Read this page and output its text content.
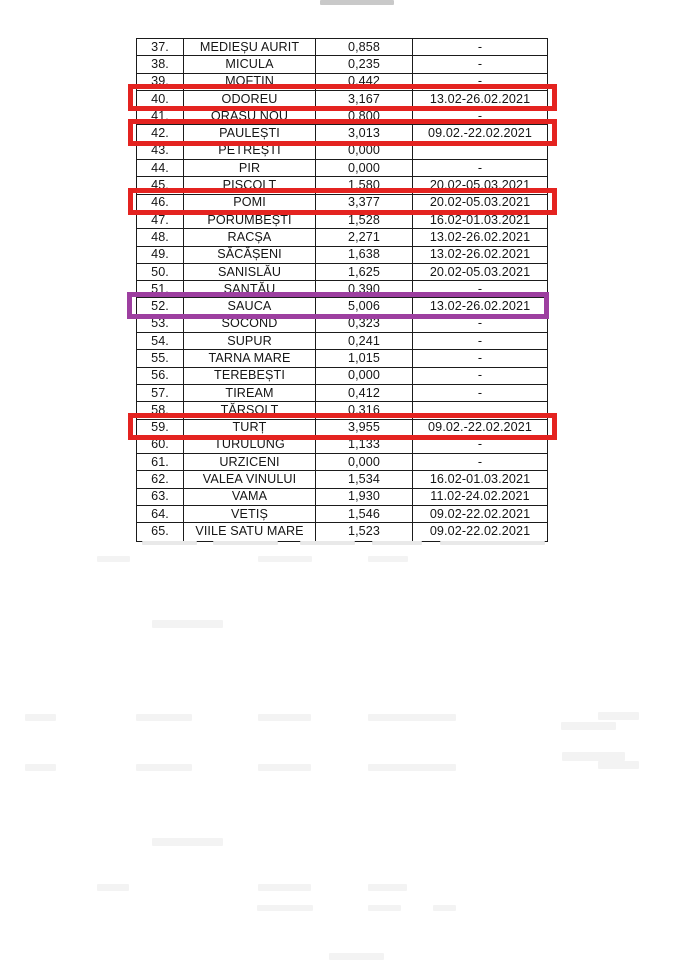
37.	MEDIEȘU AURIT	0,858	-
38.	MICULA	0,235	-
39.	MOFTIN	0,442	-
40.	ODOREU	3,167	13.02-26.02.2021
41.	ORASU NOU	0,800	-
42.	PAULEȘTI	3,013	09.02.-22.02.2021
43.	PETREȘTI	0,000
44.	PIR	0,000	-
45.	PISCOLT	1,580	20.02-05.03.2021
46.	POMI	3,377	20.02-05.03.2021
47.	PORUMBEȘTI	1,528	16.02-01.03.2021
48.	RACȘA	2,271	13.02-26.02.2021
49.	SĂCĂȘENI	1,638	13.02-26.02.2021
50.	SANISLĂU	1,625	20.02-05.03.2021
51.	SANTĂU	0,390	-
52.	SAUCA	5,006	13.02-26.02.2021
53.	SOCOND	0,323	-
54.	SUPUR	0,241	-
55.	TARNA MARE	1,015	-
56.	TEREBEȘTI	0,000	-
57.	TIREAM	0,412	-
58.	TĂRSOLT	0,316
59.	TURȚ	3,955	09.02.-22.02.2021
60.	TURULUNG	1,133	-
61.	URZICENI	0,000	-
62.	VALEA VINULUI	1,534	16.02-01.03.2021
63.	VAMA	1,930	11.02-24.02.2021
64.	VETIȘ	1,546	09.02-22.02.2021
65.	VIILE SATU MARE	1,523	09.02-22.02.2021
